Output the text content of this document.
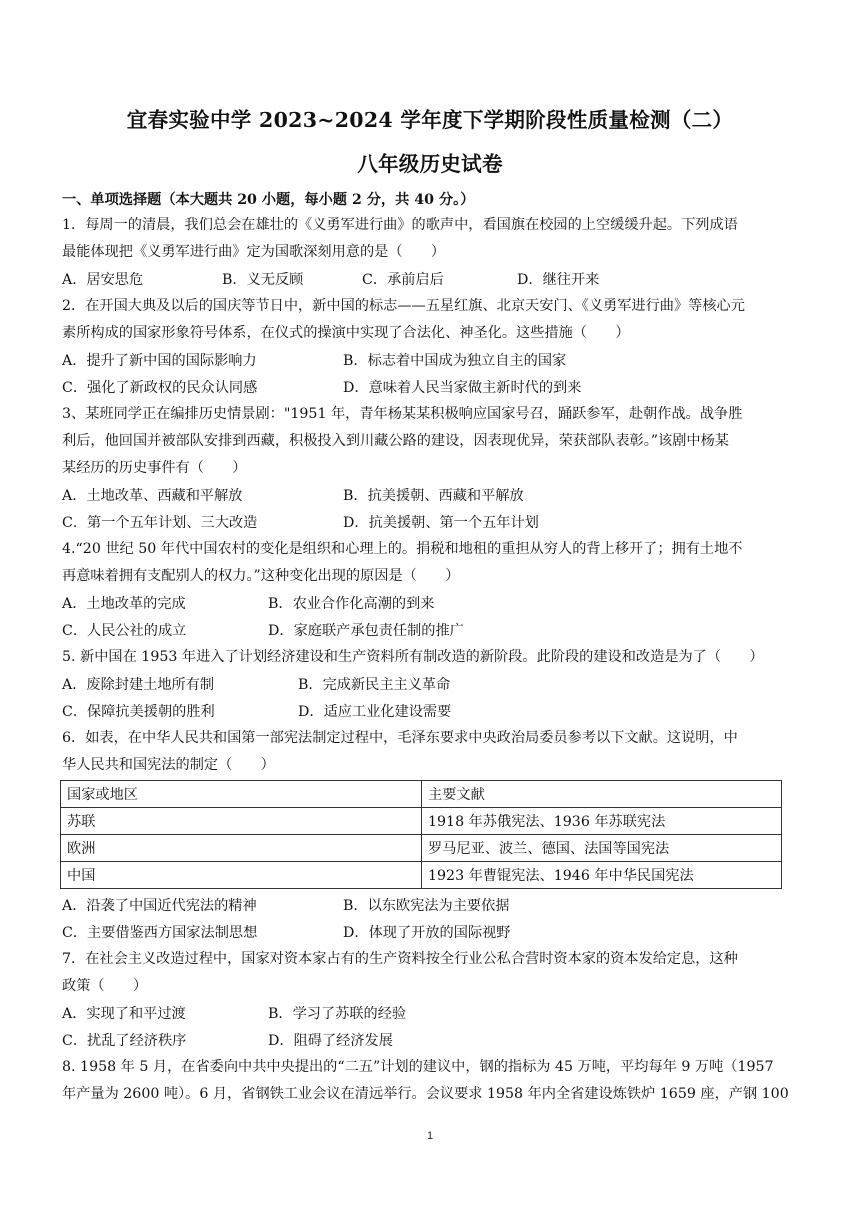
宜春实验中学 2023~2024 学年度下学期阶段性质量检测（二）
八年级历史试卷
一、单项选择题（本大题共 20 小题，每小题 2 分，共 40 分。）
1．每周一的清晨，我们总会在雄壮的《义勇军进行曲》的歌声中，看国旗在校园的上空缓缓升起。下列成语
最能体现把《义勇军进行曲》定为国歌深刻用意的是（　　）
A．居安思危	B．义无反顾	C．承前启后	D．继往开来
2．在开国大典及以后的国庆等节日中，新中国的标志——五星红旗、北京天安门、《义勇军进行曲》等核心元
素所构成的国家形象符号体系，在仪式的操演中实现了合法化、神圣化。这些措施（　　）
A．提升了新中国的国际影响力	B．标志着中国成为独立自主的国家
C．强化了新政权的民众认同感	D．意味着人民当家做主新时代的到来
3、某班同学正在编排历史情景剧："1951 年，青年杨某某积极响应国家号召，踊跃参军，赴朝作战。战争胜
利后，他回国并被部队安排到西藏，积极投入到川藏公路的建设，因表现优异，荣获部队表彰。”该剧中杨某
某经历的历史事件有（　　）
A．土地改革、西藏和平解放	B．抗美援朝、西藏和平解放
C．第一个五年计划、三大改造	D．抗美援朝、第一个五年计划
4.“20 世纪 50 年代中国农村的变化是组织和心理上的。捐税和地租的重担从穷人的背上移开了；拥有土地不
再意味着拥有支配别人的权力。”这种变化出现的原因是（　　）
A．土地改革的完成	B．农业合作化高潮的到来
C．人民公社的成立	D．家庭联产承包责任制的推广
5. 新中国在 1953 年进入了计划经济建设和生产资料所有制改造的新阶段。此阶段的建设和改造是为了（　　）
A．废除封建土地所有制	B．完成新民主主义革命
C．保障抗美援朝的胜利	D．适应工业化建设需要
6．如表，在中华人民共和国第一部宪法制定过程中，毛泽东要求中央政治局委员参考以下文献。这说明，中
华人民共和国宪法的制定（　　）
国家或地区	主要文献
苏联	1918 年苏俄宪法、1936 年苏联宪法
欧洲	罗马尼亚、波兰、德国、法国等国宪法
中国	1923 年曹锟宪法、1946 年中华民国宪法
A．沿袭了中国近代宪法的精神	B．以东欧宪法为主要依据
C．主要借鉴西方国家法制思想	D．体现了开放的国际视野
7．在社会主义改造过程中，国家对资本家占有的生产资料按全行业公私合营时资本家的资本发给定息，这种
政策（　　）
A．实现了和平过渡	B．学习了苏联的经验
C．扰乱了经济秩序	D．阻碍了经济发展
8. 1958 年 5 月，在省委向中共中央提出的“二五”计划的建议中，钢的指标为 45 万吨，平均每年 9 万吨（1957
年产量为 2600 吨）。6 月，省钢铁工业会议在清远举行。会议要求 1958 年内全省建设炼铁炉 1659 座，产钢 100
1
